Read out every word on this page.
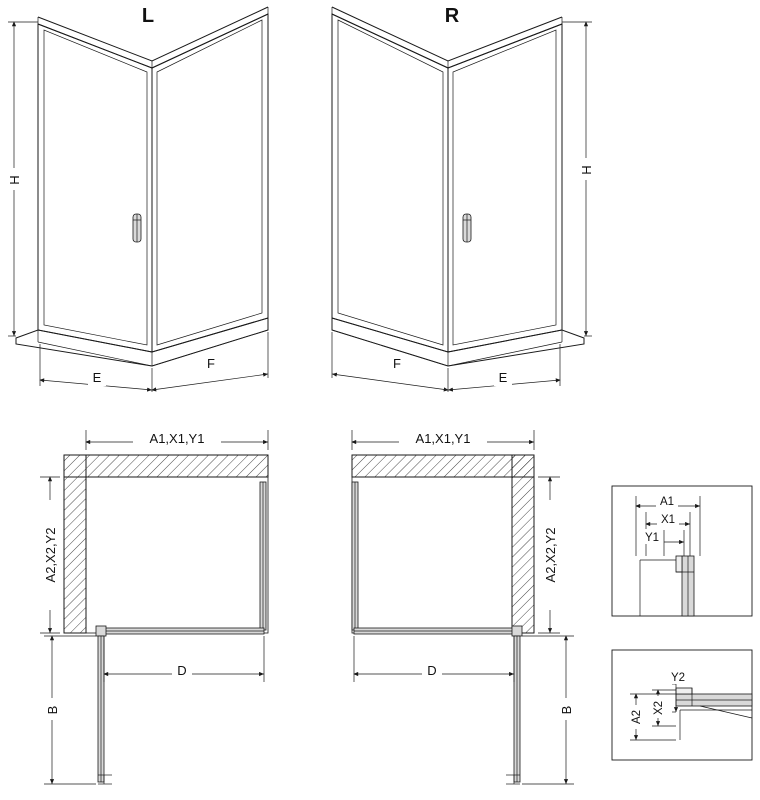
H
E
F
L
H
E
F
R
A1,X1,Y1
A2,X2,Y2
D
B
A1,X1,Y1
A2,X2,Y2
D
B
A1
X1
Y1
A2
X2
Y2
